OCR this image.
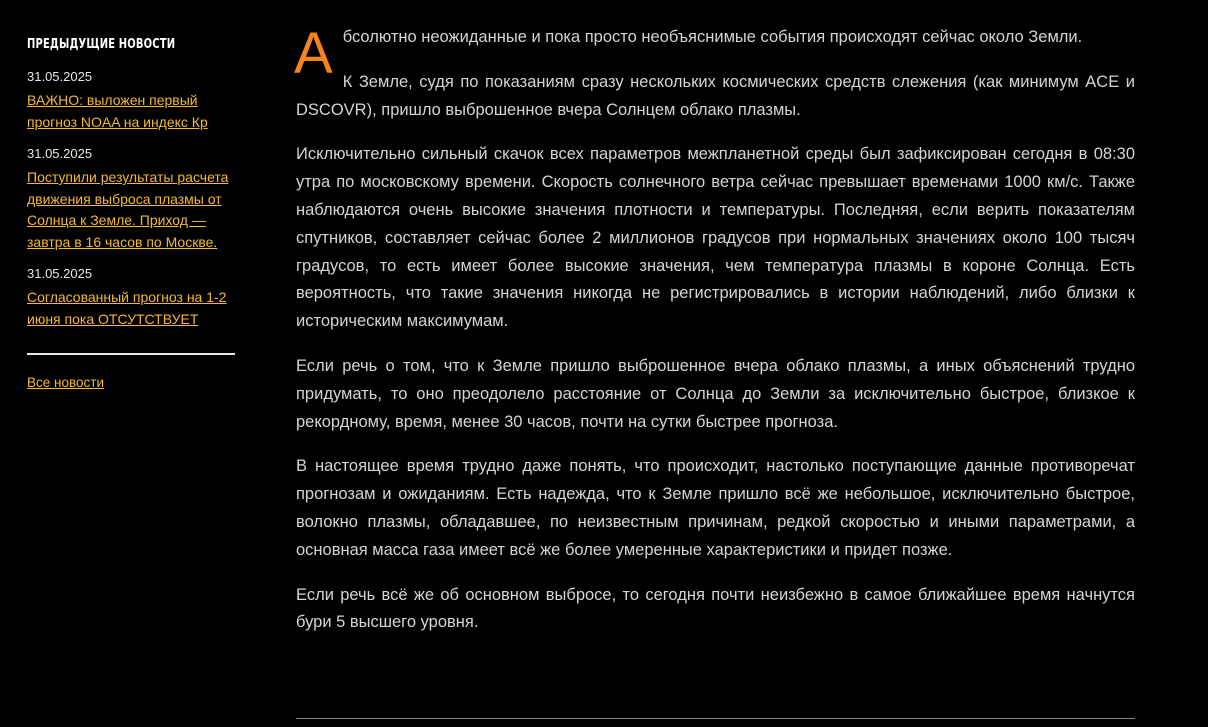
ПРЕДЫДУЩИЕ НОВОСТИ
31.05.2025
ВАЖНО: выложен первый прогноз NOAA на индекс Кр
31.05.2025
Поступили результаты расчета движения выброса плазмы от Солнца к Земле. Приход — завтра в 16 часов по Москве.
31.05.2025
Согласованный прогноз на 1-2 июня пока ОТСУТСТВУЕТ
Все новости

Абсолютно неожиданные и пока просто необъяснимые события происходят сейчас около Земли.

К Земле, судя по показаниям сразу нескольких космических средств слежения (как минимум ACE и DSCOVR), пришло выброшенное вчера Солнцем облако плазмы.

Исключительно сильный скачок всех параметров межпланетной среды был зафиксирован сегодня в 08:30 утра по московскому времени. Скорость солнечного ветра сейчас превышает временами 1000 км/с. Также наблюдаются очень высокие значения плотности и температуры. Последняя, если верить показателям спутников, составляет сейчас более 2 миллионов градусов при нормальных значениях около 100 тысяч градусов, то есть имеет более высокие значения, чем температура плазмы в короне Солнца. Есть вероятность, что такие значения никогда не регистрировались в истории наблюдений, либо близки к историческим максимумам.

Если речь о том, что к Земле пришло выброшенное вчера облако плазмы, а иных объяснений трудно придумать, то оно преодолело расстояние от Солнца до Земли за исключительно быстрое, близкое к рекордному, время, менее 30 часов, почти на сутки быстрее прогноза.

В настоящее время трудно даже понять, что происходит, настолько поступающие данные противоречат прогнозам и ожиданиям. Есть надежда, что к Земле пришло всё же небольшое, исключительно быстрое, волокно плазмы, обладавшее, по неизвестным причинам, редкой скоростью и иными параметрами, а основная масса газа имеет всё же более умеренные характеристики и придет позже.

Если речь всё же об основном выбросе, то сегодня почти неизбежно в самое ближайшее время начнутся бури 5 высшего уровня.
